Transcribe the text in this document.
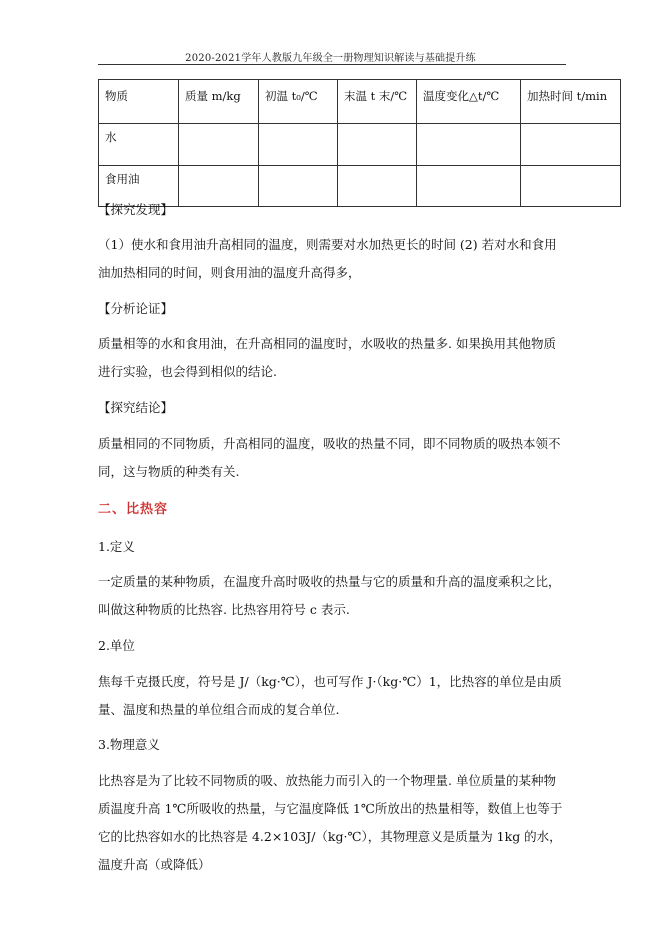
2020-2021学年人教版九年级全一册物理知识解读与基础提升练
物质	质量 m/kg	初温 t₀/℃	末温 t 末/℃	温度变化△t/℃	加热时间 t/min
水					
食用油					

【探究发现】

（1）使水和食用油升高相同的温度，则需要对水加热更长的时间 (2) 若对水和食用油加热相同的时间，则食用油的温度升高得多，

【分析论证】

质量相等的水和食用油，在升高相同的温度时，水吸收的热量多. 如果换用其他物质进行实验，也会得到相似的结论.

【探究结论】

质量相同的不同物质，升高相同的温度，吸收的热量不同，即不同物质的吸热本领不同，这与物质的种类有关.

二、比热容

1.定义

一定质量的某种物质，在温度升高时吸收的热量与它的质量和升高的温度乘积之比，叫做这种物质的比热容. 比热容用符号 c 表示.

2.单位

焦每千克摄氏度，符号是 J/（kg·℃），也可写作 J·（kg·℃）1，比热容的单位是由质量、温度和热量的单位组合而成的复合单位.

3.物理意义

比热容是为了比较不同物质的吸、放热能力而引入的一个物理量. 单位质量的某种物质温度升高 1℃所吸收的热量，与它温度降低 1℃所放出的热量相等，数值上也等于它的比热容如水的比热容是 4.2×103J/（kg·℃），其物理意义是质量为 1kg 的水，温度升高（或降低）
